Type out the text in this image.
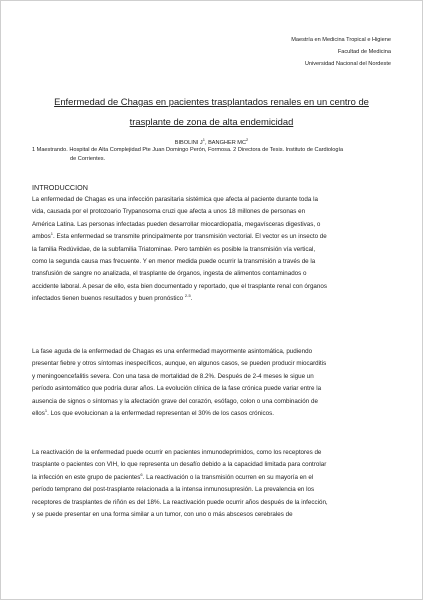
Maestría en Medicina Tropical e Higiene
Facultad de Medicina
Universidad Nacional del Nordeste
Enfermedad de Chagas en pacientes trasplantados renales en un centro de
trasplante de zona de alta endemicidad
BIBOLINI $J^1$, BANGHER $MC^2$
1 Maestrando. Hospital de Alta Complejidad Pte Juan Domingo Perón, Formosa. 2 Directora de Tesis. Instituto de Cardiología
de Corrientes.
INTRODUCCION
La enfermedad de Chagas es una infección parasitaria sistémica que afecta al paciente durante toda la
vida, causada por el protozoario Trypanosoma cruzi que afecta a unos 18 millones de personas en
América Latina. Las personas infectadas pueden desarrollar miocardiopatía, megavísceras digestivas, o
ambos$^1$. Esta enfermedad se transmite principalmente por transmisión vectorial. El vector es un insecto de
la familia Redúviidae, de la subfamilia Triatominae. Pero también es posible la transmisión vía vertical,
como la segunda causa mas frecuente. Y en menor medida puede ocurrir la transmisión a través de la
transfusión de sangre no analizada, el trasplante de órganos, ingesta de alimentos contaminados o
accidente laboral. A pesar de ello, esta bien documentado y reportado, que el trasplante renal con órganos
infectados tienen buenos resultados y buen pronóstico $^{2-5}$.
La fase aguda de la enfermedad de Chagas es una enfermedad mayormente asintomática, pudiendo
presentar fiebre y otros síntomas inespecíficos, aunque, en algunos casos, se pueden producir miocarditis
y meningoencefalitis severa. Con una tasa de mortalidad de 8.2%. Después de 2-4 meses le sigue un
período asintomático que podría durar años. La evolución clínica de la fase crónica puede variar entre la
ausencia de signos o síntomas y la afectación grave del corazón, esófago, colon o una combinación de
ellos$^1$. Los que evolucionan a la enfermedad representan el 30% de los casos crónicos.
La reactivación de la enfermedad puede ocurrir en pacientes inmunodeprimidos, como los receptores de
trasplante o pacientes con VIH, lo que representa un desafío debido a la capacidad limitada para controlar
la infección en este grupo de pacientes$^6$. La reactivación o la transmisión ocurren en su mayoría en el
período temprano del post-trasplante relacionada a la intensa inmunosupresión. La prevalencia en los
receptores de trasplantes de riñón es del 18%. La reactivación puede ocurrir años después de la infección,
y se puede presentar en una forma similar a un tumor, con uno o más abscesos cerebrales de
